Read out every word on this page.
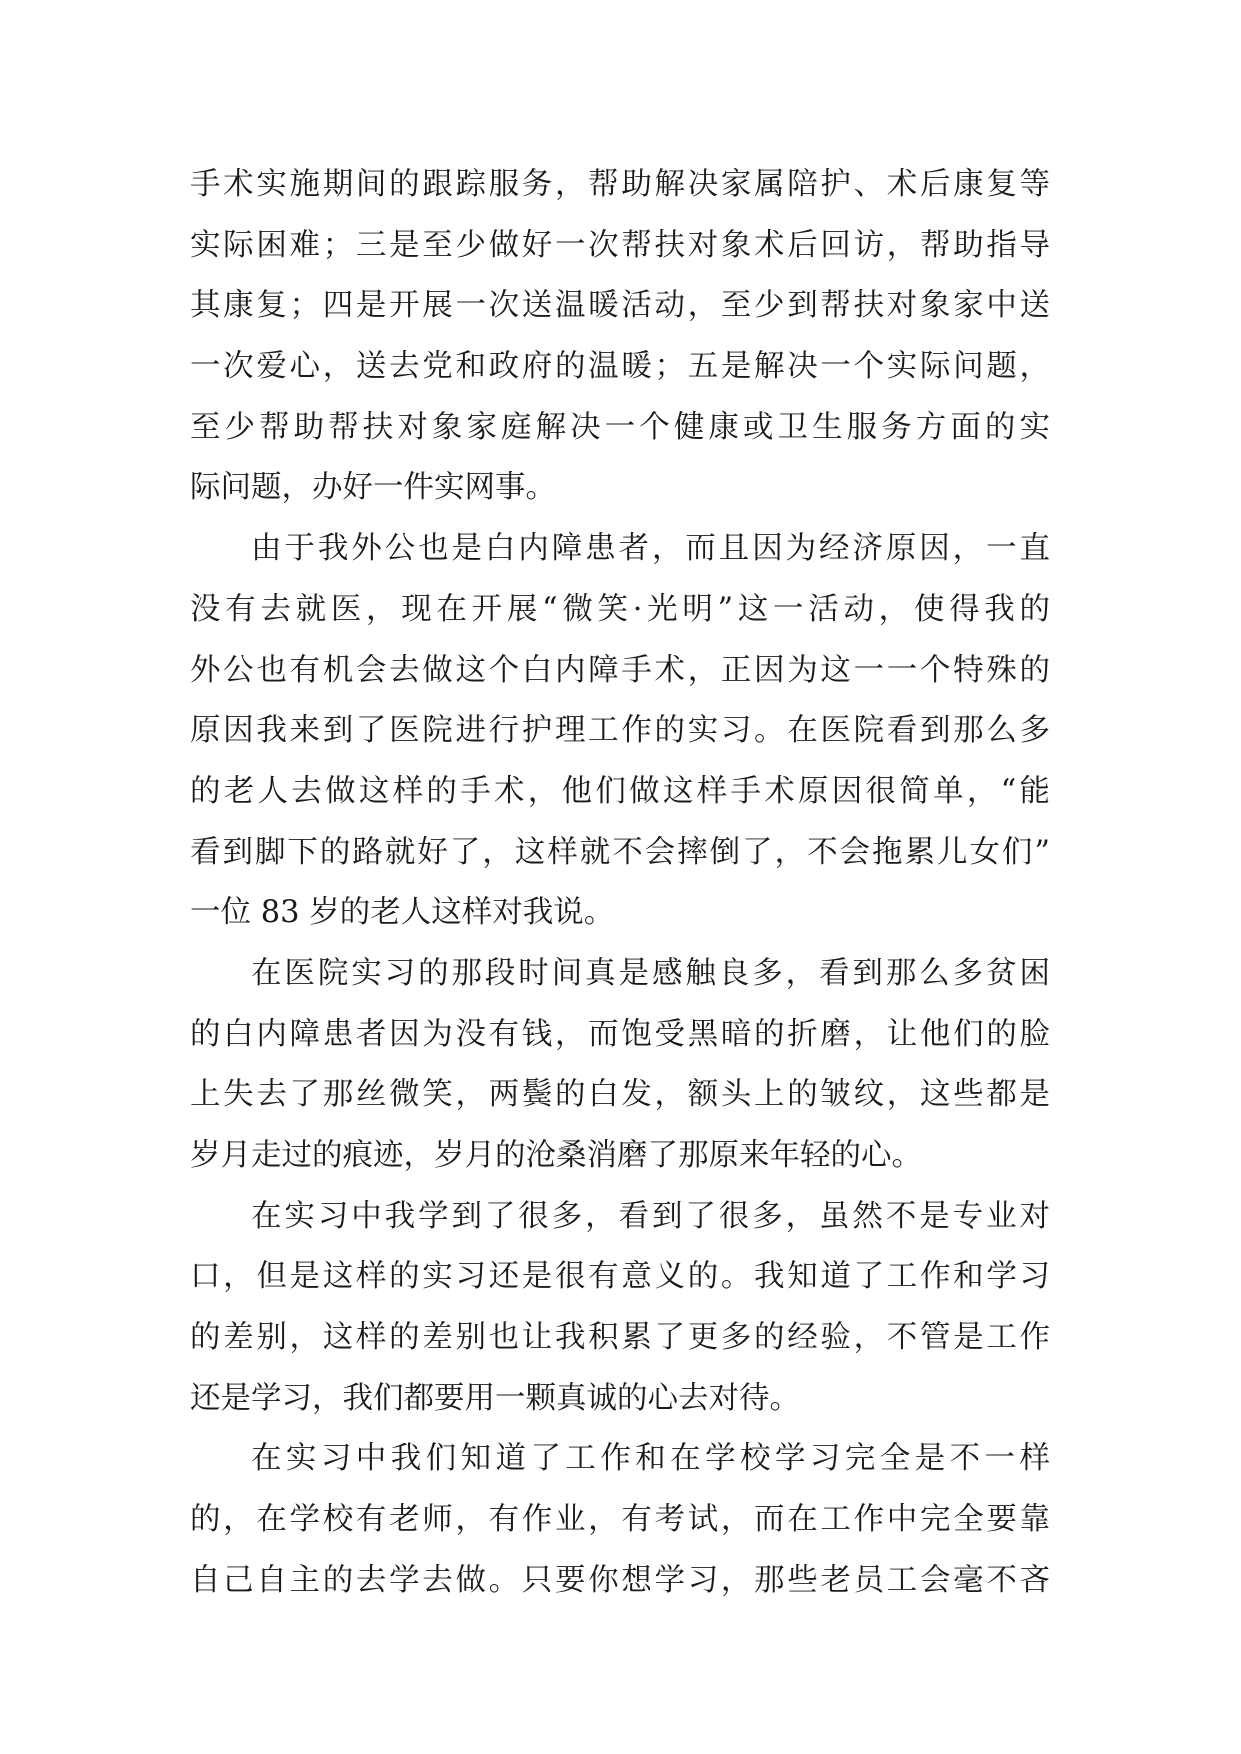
手术实施期间的跟踪服务，帮助解决家属陪护、术后康复等
实际困难；三是至少做好一次帮扶对象术后回访，帮助指导
其康复；四是开展一次送温暖活动，至少到帮扶对象家中送
一次爱心，送去党和政府的温暖；五是解决一个实际问题，
至少帮助帮扶对象家庭解决一个健康或卫生服务方面的实
际问题，办好一件实网事。
由于我外公也是白内障患者，而且因为经济原因，一直
没有去就医，现在开展“微笑·光明”这一活动，使得我的
外公也有机会去做这个白内障手术，正因为这一一个特殊的
原因我来到了医院进行护理工作的实习。在医院看到那么多
的老人去做这样的手术，他们做这样手术原因很简单，“能
看到脚下的路就好了，这样就不会摔倒了，不会拖累儿女们”
一位 83 岁的老人这样对我说。
在医院实习的那段时间真是感触良多，看到那么多贫困
的白内障患者因为没有钱，而饱受黑暗的折磨，让他们的脸
上失去了那丝微笑，两鬓的白发，额头上的皱纹，这些都是
岁月走过的痕迹，岁月的沧桑消磨了那原来年轻的心。
在实习中我学到了很多，看到了很多，虽然不是专业对
口，但是这样的实习还是很有意义的。我知道了工作和学习
的差别，这样的差别也让我积累了更多的经验，不管是工作
还是学习，我们都要用一颗真诚的心去对待。
在实习中我们知道了工作和在学校学习完全是不一样
的，在学校有老师，有作业，有考试，而在工作中完全要靠
自己自主的去学去做。只要你想学习，那些老员工会毫不吝
